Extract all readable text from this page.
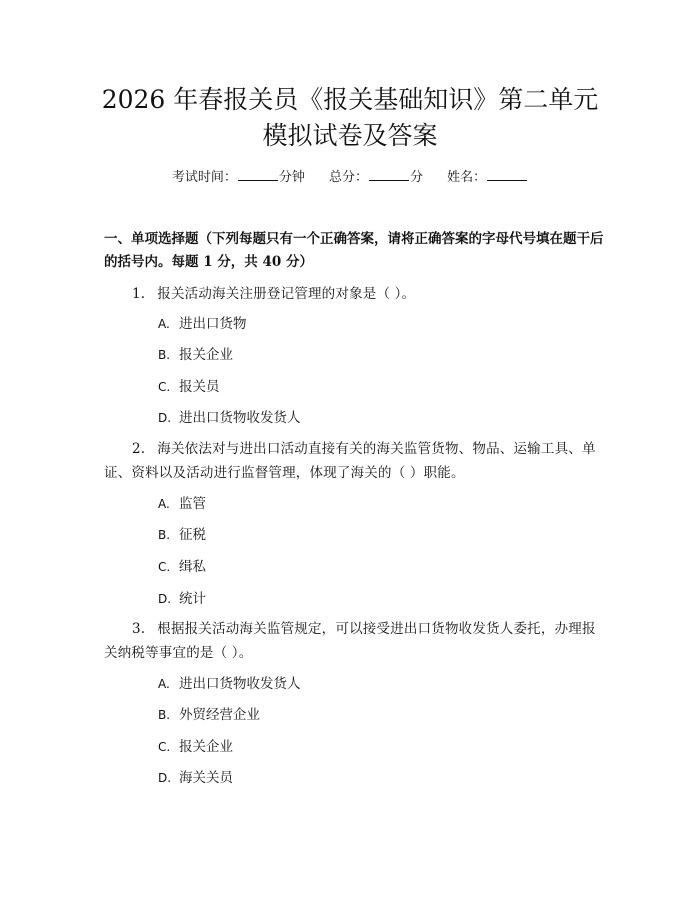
2026 年春报关员《报关基础知识》第二单元
模拟试卷及答案
考试时间：	分钟 总分：	分 姓名：

一、单项选择题（下列每题只有一个正确答案，请将正确答案的字母代号填在题干后的括号内。每题 1 分，共 40 分）

1. 报关活动海关注册登记管理的对象是（ ）。

A. 进出口货物
B. 报关企业
C. 报关员
D. 进出口货物收发货人

2. 海关依法对与进出口活动直接有关的海关监管货物、物品、运输工具、单证、资料以及活动进行监督管理，体现了海关的（ ）职能。

A. 监管
B. 征税
C. 缉私
D. 统计

3. 根据报关活动海关监管规定，可以接受进出口货物收发货人委托，办理报关纳税等事宜的是（ ）。

A. 进出口货物收发货人
B. 外贸经营企业
C. 报关企业
D. 海关关员
